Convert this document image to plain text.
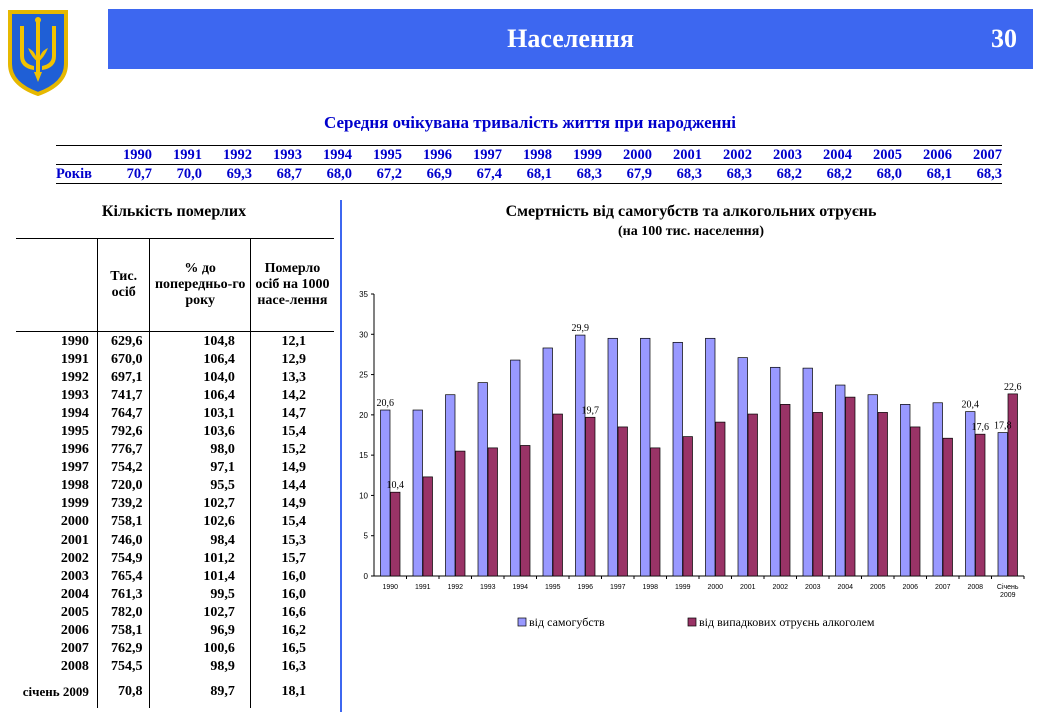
Населення	30
Середня очікувана тривалість життя при народженні
	1990	1991	1992	1993	1994	1995	1996	1997	1998	1999	2000	2001	2002	2003	2004	2005	2006	2007
Років	70,7	70,0	69,3	68,7	68,0	67,2	66,9	67,4	68,1	68,3	67,9	68,3	68,3	68,2	68,2	68,0	68,1	68,3
Кількість померлих
	Тис. осіб	% до попередньо-го року	Померло осіб на 1000 насе-лення
1990	629,6	104,8	12,1
1991	670,0	106,4	12,9
1992	697,1	104,0	13,3
1993	741,7	106,4	14,2
1994	764,7	103,1	14,7
1995	792,6	103,6	15,4
1996	776,7	98,0	15,2
1997	754,2	97,1	14,9
1998	720,0	95,5	14,4
1999	739,2	102,7	14,9
2000	758,1	102,6	15,4
2001	746,0	98,4	15,3
2002	754,9	101,2	15,7
2003	765,4	101,4	16,0
2004	761,3	99,5	16,0
2005	782,0	102,7	16,6
2006	758,1	96,9	16,2
2007	762,9	100,6	16,5
2008	754,5	98,9	16,3
січень 2009	70,8	89,7	18,1
Смертність від самогубств та алкогольних отруєнь
(на 100 тис. населення)
0
5
10
15
20
25
30
35
1990 1991 1992 1993 1994 1995 1996 1997 1998 1999 2000 2001 2002 2003 2004 2005 2006 2007 2008 Січень
2009
20,6
10,4
29,9
19,7
20,4
17,6 17,8
22,6
від самогубств	від випадкових отруєнь алкоголем
